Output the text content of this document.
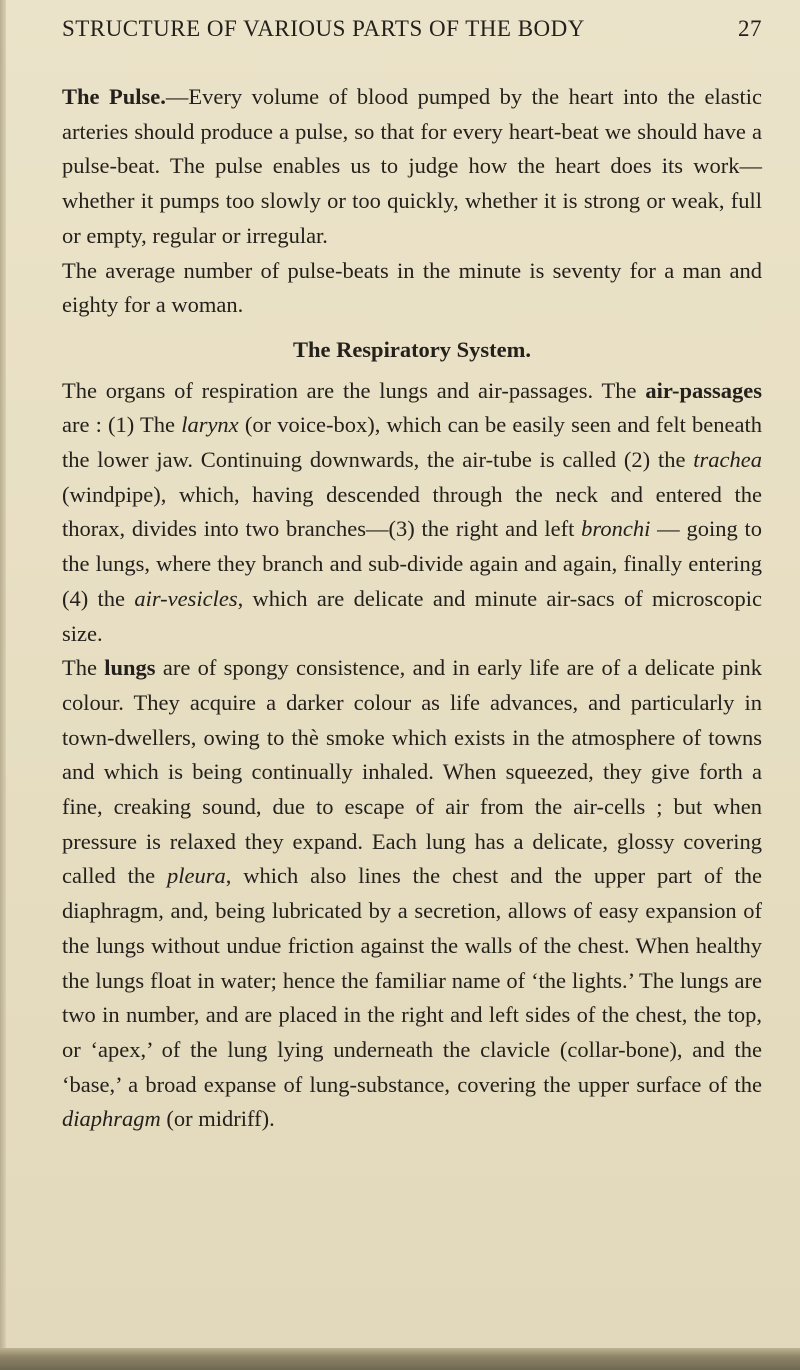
STRUCTURE OF VARIOUS PARTS OF THE BODY	27

The Pulse.—Every volume of blood pumped by the heart into the elastic arteries should produce a pulse, so that for every heart-beat we should have a pulse-beat. The pulse enables us to judge how the heart does its work—whether it pumps too slowly or too quickly, whether it is strong or weak, full or empty, regular or irregular.

The average number of pulse-beats in the minute is seventy for a man and eighty for a woman.

The Respiratory System.

The organs of respiration are the lungs and air-passages. The air-passages are : (1) The larynx (or voice-box), which can be easily seen and felt beneath the lower jaw. Continuing downwards, the air-tube is called (2) the trachea (windpipe), which, having descended through the neck and entered the thorax, divides into two branches—(3) the right and left bronchi — going to the lungs, where they branch and sub-divide again and again, finally entering (4) the air-vesicles, which are delicate and minute air-sacs of microscopic size.

The lungs are of spongy consistence, and in early life are of a delicate pink colour. They acquire a darker colour as life advances, and particularly in town-dwellers, owing to thè smoke which exists in the atmosphere of towns and which is being continually inhaled. When squeezed, they give forth a fine, creaking sound, due to escape of air from the air-cells ; but when pressure is relaxed they expand. Each lung has a delicate, glossy covering called the pleura, which also lines the chest and the upper part of the diaphragm, and, being lubricated by a secretion, allows of easy expansion of the lungs without undue friction against the walls of the chest. When healthy the lungs float in water; hence the familiar name of ‘the lights.’ The lungs are two in number, and are placed in the right and left sides of the chest, the top, or ‘apex,’ of the lung lying underneath the clavicle (collar-bone), and the ‘base,’ a broad expanse of lung-substance, covering the upper surface of the diaphragm (or midriff).
